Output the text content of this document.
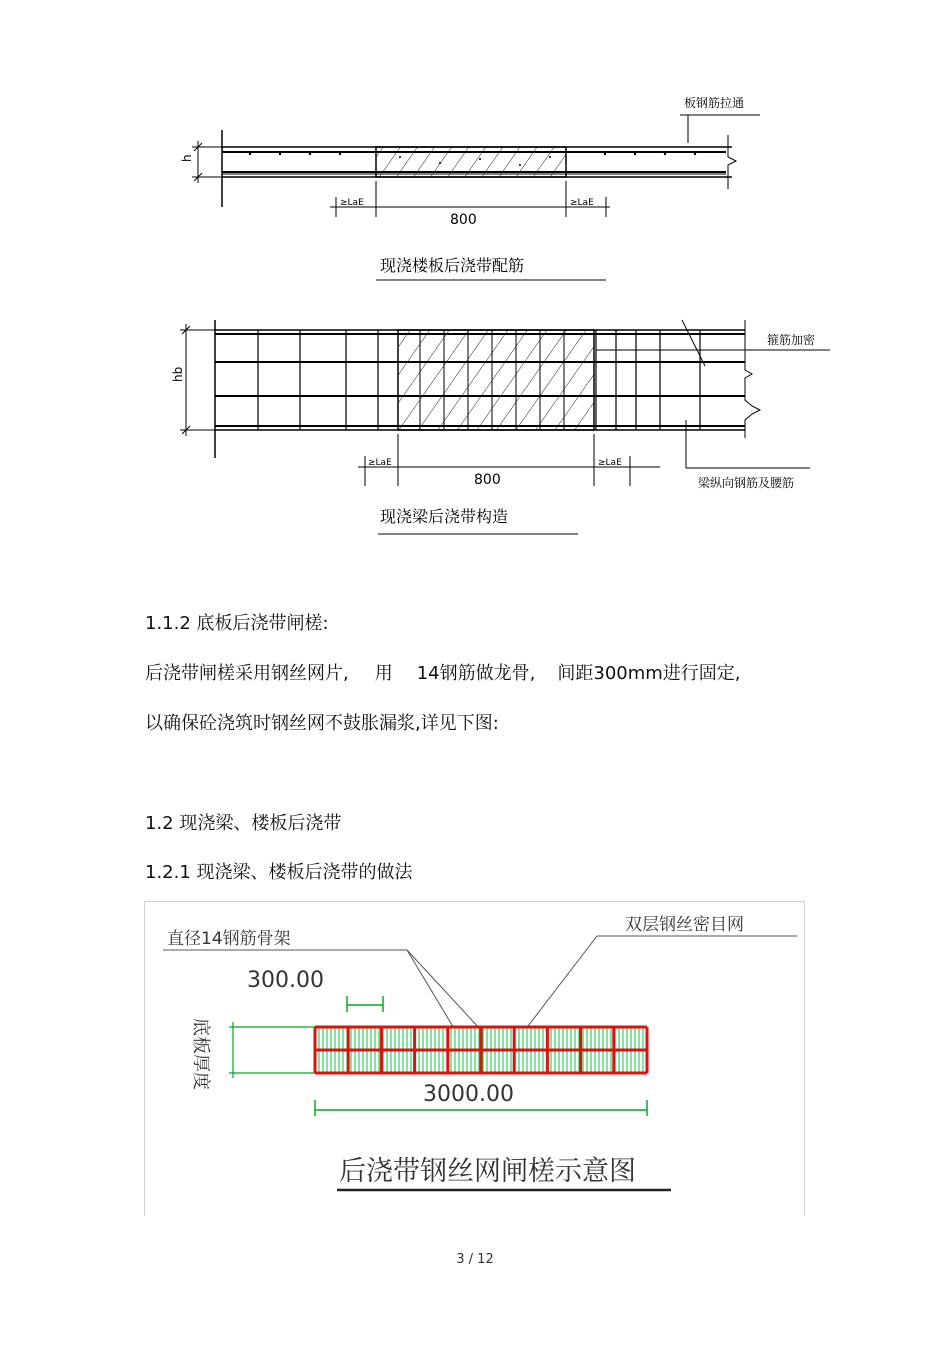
板钢筋拉通
h
≥LaE	≥LaE
800
现浇楼板后浇带配筋
hb
箍筋加密
梁纵向钢筋及腰筋
≥LaE	≥LaE
800
现浇梁后浇带构造
1.1.2 底板后浇带闸槎:
后浇带闸槎采用钢丝网片, 用 14钢筋做龙骨, 间距300mm进行固定,
以确保砼浇筑时钢丝网不鼓胀漏浆,详见下图:
1.2 现浇梁、楼板后浇带
1.2.1 现浇梁、楼板后浇带的做法
直径14钢筋骨架
双层钢丝密目网
300.00
底板厚度
3000.00
后浇带钢丝网闸槎示意图
3 / 12
